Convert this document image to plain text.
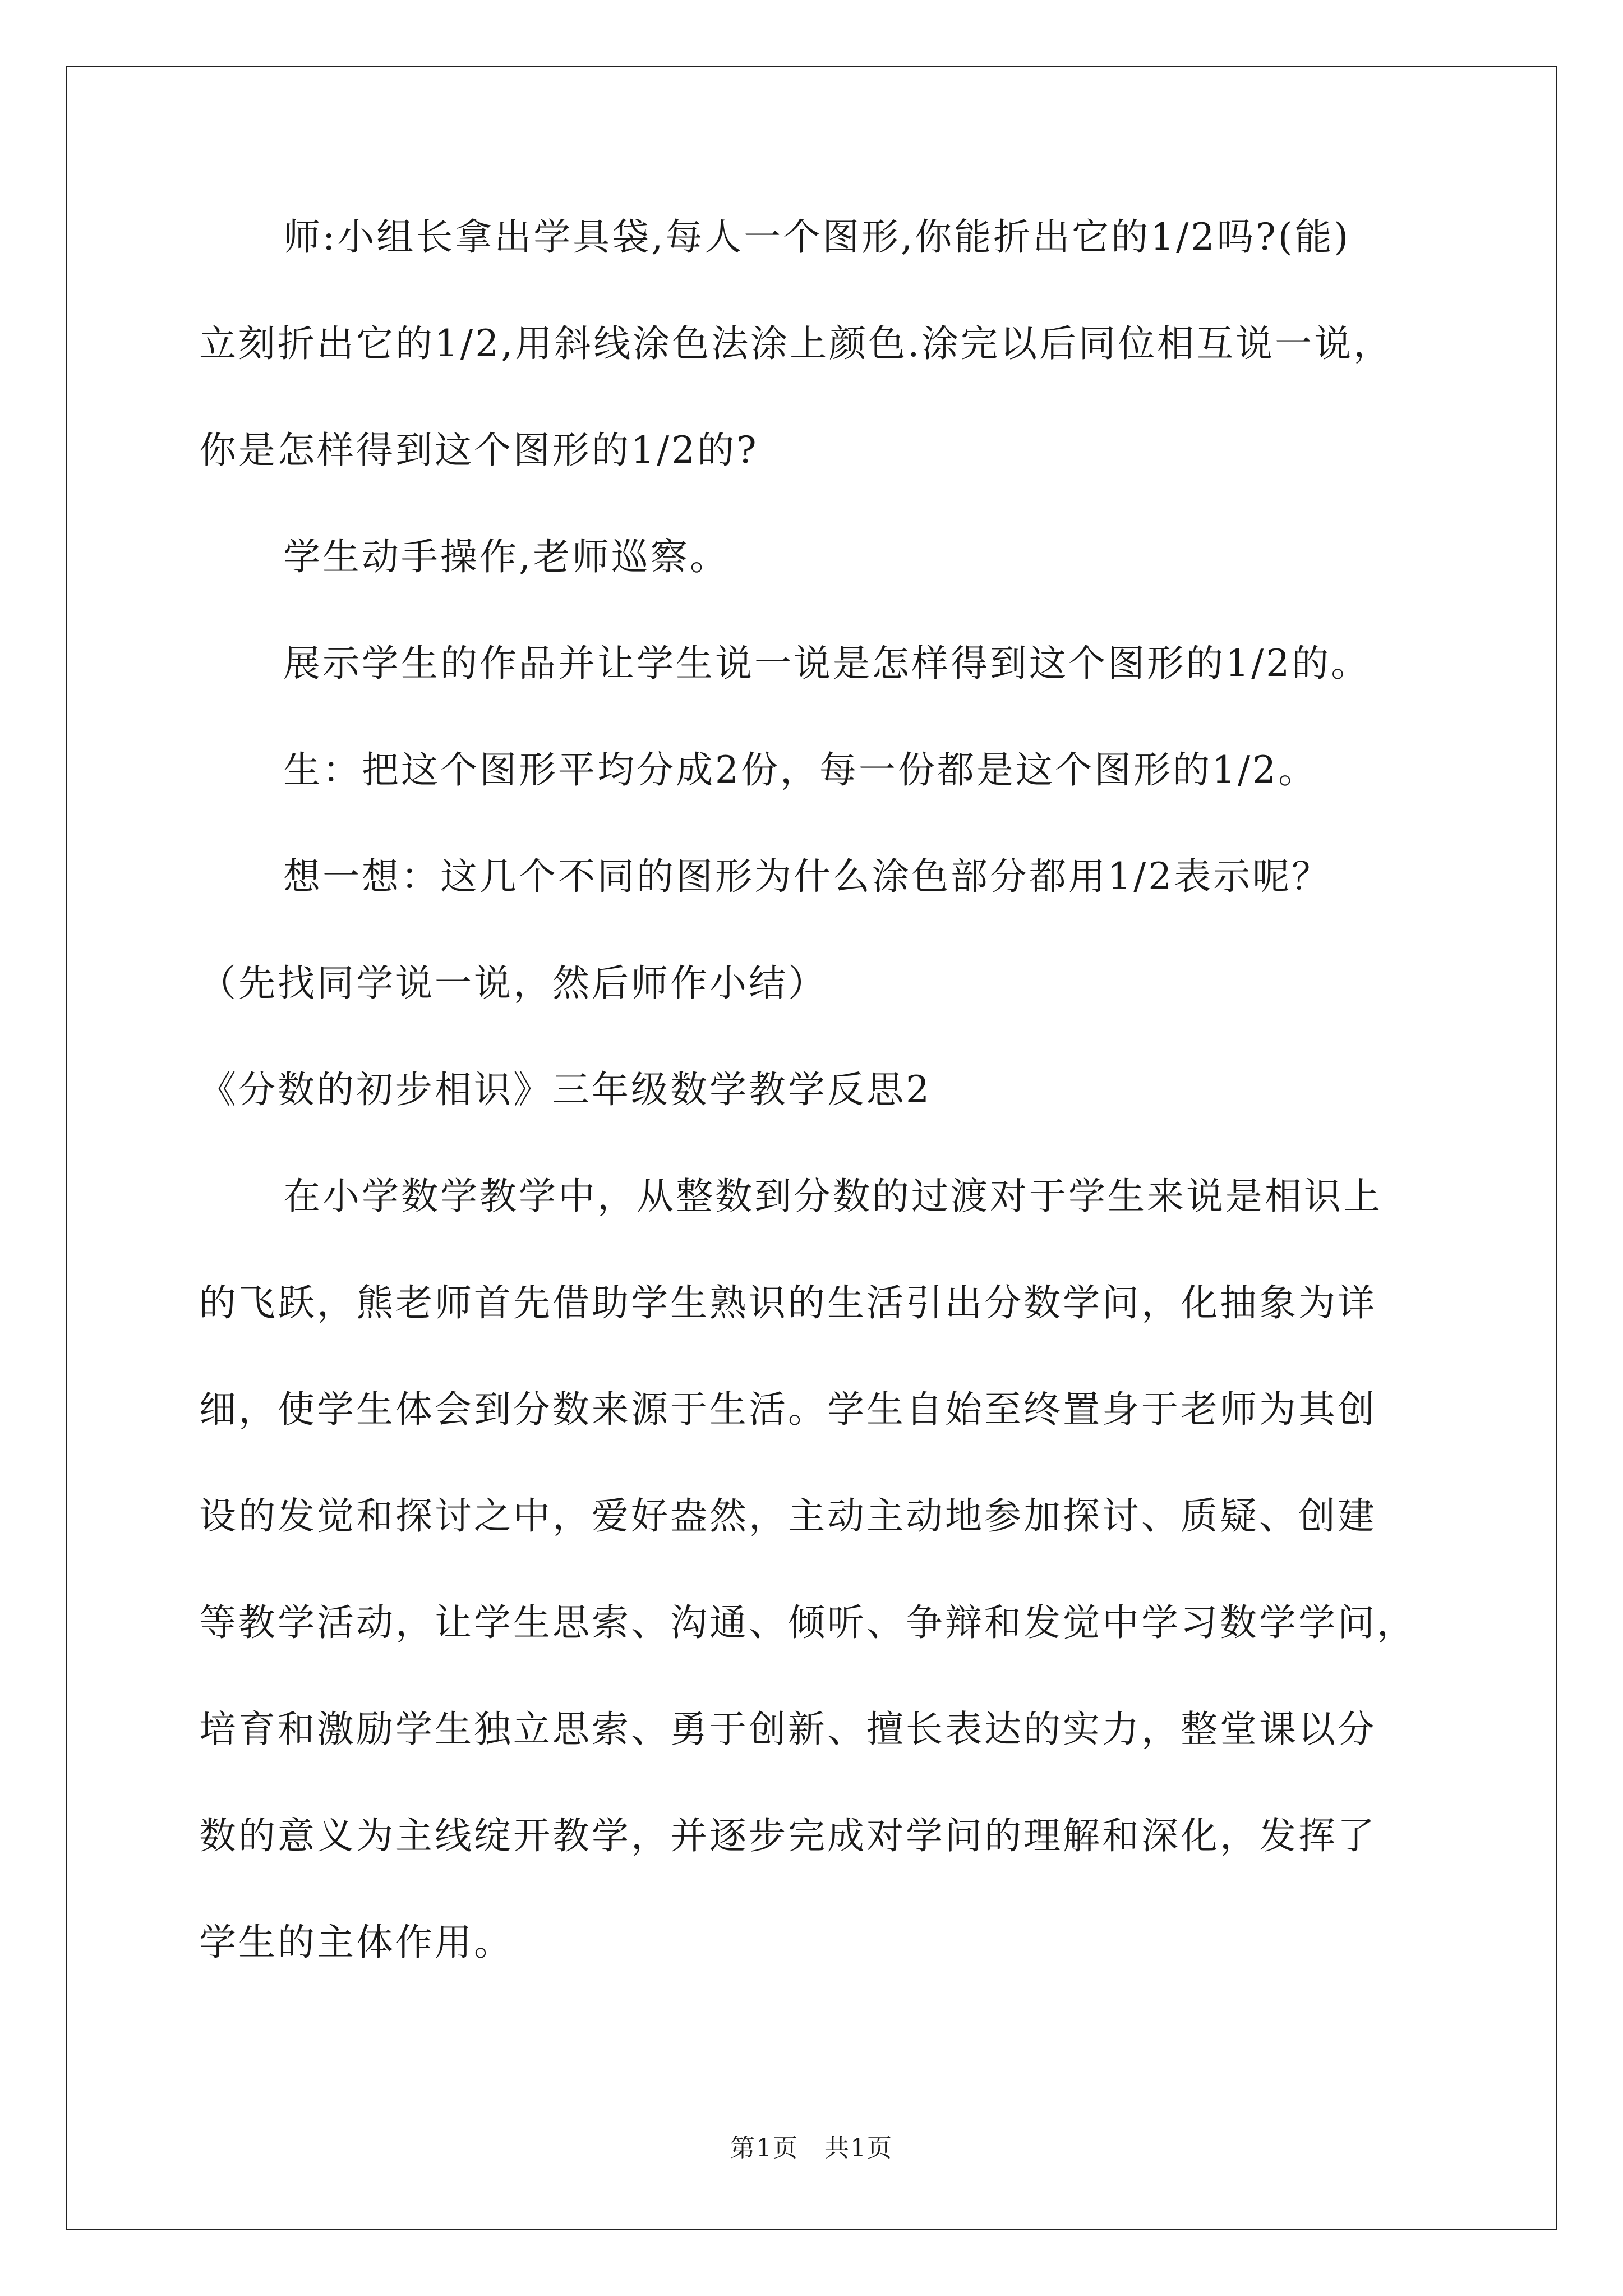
师:小组长拿出学具袋,每人一个图形,你能折出它的1/2吗?(能)
立刻折出它的1/2,用斜线涂色法涂上颜色.涂完以后同位相互说一说，
你是怎样得到这个图形的1/2的?
学生动手操作,老师巡察。
展示学生的作品并让学生说一说是怎样得到这个图形的1/2的。
生：把这个图形平均分成2份，每一份都是这个图形的1/2。
想一想：这几个不同的图形为什么涂色部分都用1/2表示呢？
（先找同学说一说，然后师作小结）
《分数的初步相识》三年级数学教学反思2
在小学数学教学中，从整数到分数的过渡对于学生来说是相识上
的飞跃，熊老师首先借助学生熟识的生活引出分数学问，化抽象为详
细，使学生体会到分数来源于生活。学生自始至终置身于老师为其创
设的发觉和探讨之中，爱好盎然，主动主动地参加探讨、质疑、创建
等教学活动，让学生思索、沟通、倾听、争辩和发觉中学习数学学问，
培育和激励学生独立思索、勇于创新、擅长表达的实力，整堂课以分
数的意义为主线绽开教学，并逐步完成对学问的理解和深化，发挥了
学生的主体作用。
第1页　共1页
